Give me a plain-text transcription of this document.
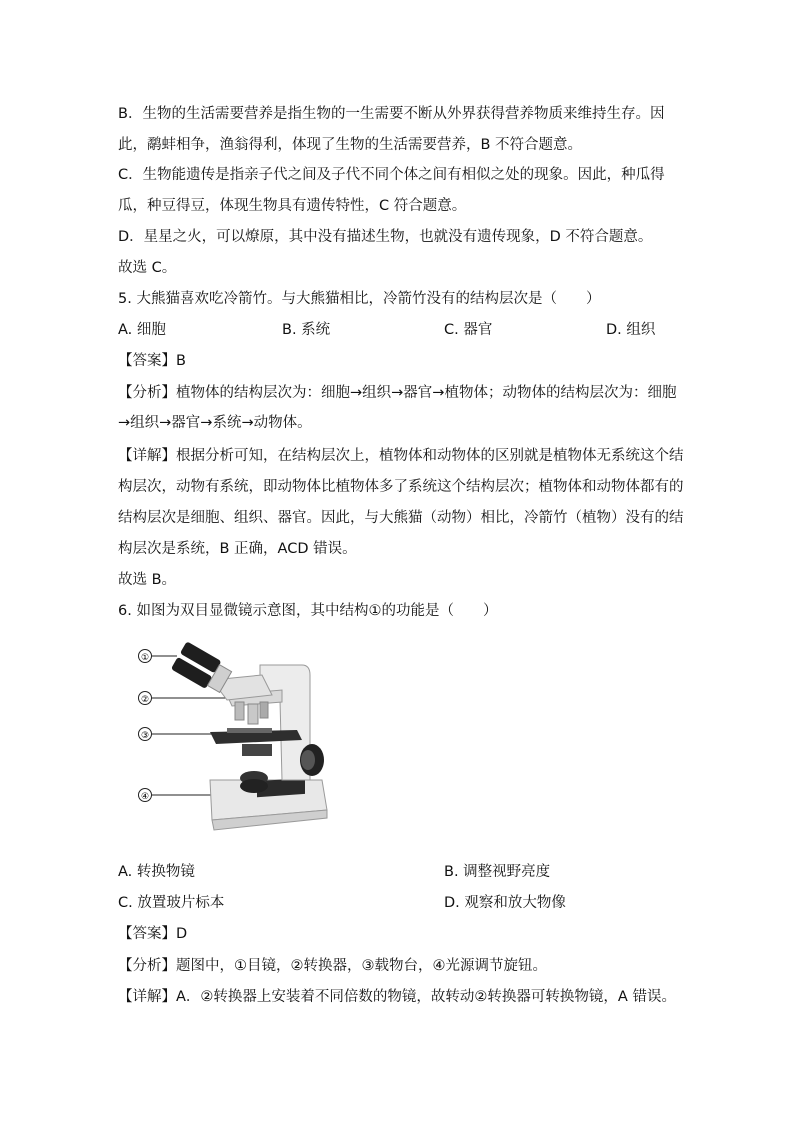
B．生物的生活需要营养是指生物的一生需要不断从外界获得营养物质来维持生存。因
此，鹬蚌相争，渔翁得利，体现了生物的生活需要营养，B 不符合题意。
C．生物能遗传是指亲子代之间及子代不同个体之间有相似之处的现象。因此，种瓜得
瓜，种豆得豆，体现生物具有遗传特性，C 符合题意。
D．星星之火，可以燎原，其中没有描述生物，也就没有遗传现象，D 不符合题意。
故选 C。
5. 大熊猫喜欢吃冷箭竹。与大熊猫相比，冷箭竹没有的结构层次是（　　）
A. 细胞	B. 系统	C. 器官	D. 组织
【答案】B
【分析】植物体的结构层次为：细胞→组织→器官→植物体；动物体的结构层次为：细胞
→组织→器官→系统→动物体。
【详解】根据分析可知，在结构层次上，植物体和动物体的区别就是植物体无系统这个结
构层次，动物有系统，即动物体比植物体多了系统这个结构层次；植物体和动物体都有的
结构层次是细胞、组织、器官。因此，与大熊猫（动物）相比，冷箭竹（植物）没有的结
构层次是系统，B 正确，ACD 错误。
故选 B。
6. 如图为双目显微镜示意图，其中结构①的功能是（　　）
①
②
③
④
A. 转换物镜	B. 调整视野亮度
C. 放置玻片标本	D. 观察和放大物像
【答案】D
【分析】题图中，①目镜，②转换器，③载物台，④光源调节旋钮。
【详解】A．②转换器上安装着不同倍数的物镜，故转动②转换器可转换物镜，A 错误。
